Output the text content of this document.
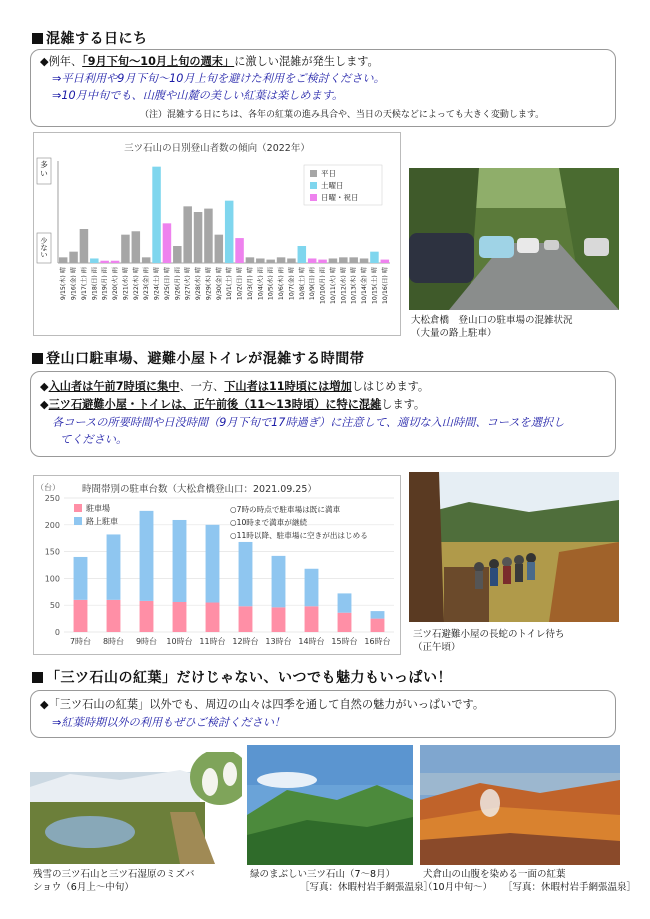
混雑する日にち
◆例年、「9月下旬～10月上旬の週末」に激しい混雑が発生します。
⇒平日利用や9月下旬～10月上旬を避けた利用をご検討ください。
⇒10月中旬でも、山腹や山麓の美しい紅葉は楽しめます。
（注）混雑する日にちは、各年の紅葉の進み具合や、当日の天候などによっても大きく変動します。
三ツ石山の日別登山者数の傾向（2022年）
多い
少ない
9/15(木) 晴 9/16(金) 晴 9/17(土) 雨 9/18(日) 雨 9/19(月) 雨 9/20(火) 雨 9/21(水) 晴 9/22(木) 晴 9/23(金) 雨 9/24(土) 晴 9/25(日) 晴 9/26(月) 雨 9/27(火) 晴 9/28(水) 晴 9/29(木) 晴 9/30(金) 晴 10/1(土) 晴 10/2(日) 晴 10/3(月) 晴 10/4(火) 雨 10/5(水) 雨 10/6(木) 雨 10/7(金) 晴 10/8(土) 晴 10/9(日) 雨 10/10(月) 雨 10/11(火) 晴 10/12(水) 晴 10/13(木) 晴 10/14(金) 晴 10/15(土) 晴 10/16(日) 晴
平日
土曜日
日曜・祝日
大松倉橋　登山口の駐車場の混雑状況
（大量の路上駐車）
登山口駐車場、避難小屋トイレが混雑する時間帯
◆入山者は午前7時頃に集中、一方、下山者は11時頃には増加しはじめます。
◆三ツ石避難小屋・トイレは、正午前後（11～13時頃）に特に混雑します。
各コースの所要時間や日没時間（9月下旬で17時過ぎ）に注意して、適切な入山時間、コースを選択し
てください。
時間帯別の駐車台数（大松倉橋登山口：2021.09.25）
（台）
0
50
100
150
200
250
7時台 8時台 9時台 10時台 11時台 12時台 13時台 14時台 15時台 16時台
駐車場
路上駐車
○7時の時点で駐車場は既に満車
○10時まで満車が継続
○11時以降、駐車場に空きが出はじめる
三ツ石避難小屋の長蛇のトイレ待ち
（正午頃）
「三ツ石山の紅葉」だけじゃない、いつでも魅力もいっぱい！
◆「三ツ石山の紅葉」以外でも、周辺の山々は四季を通して自然の魅力がいっぱいです。
⇒紅葉時期以外の利用もぜひご検討ください！
残雪の三ツ石山と三ツ石湿原のミズバ
ショウ（6月上～中旬）
緑のまぶしい三ツ石山（7～8月）
［写真：休暇村岩手網張温泉］
犬倉山の山腹を染める一面の紅葉
（10月中旬～） ［写真：休暇村岩手網張温泉］
